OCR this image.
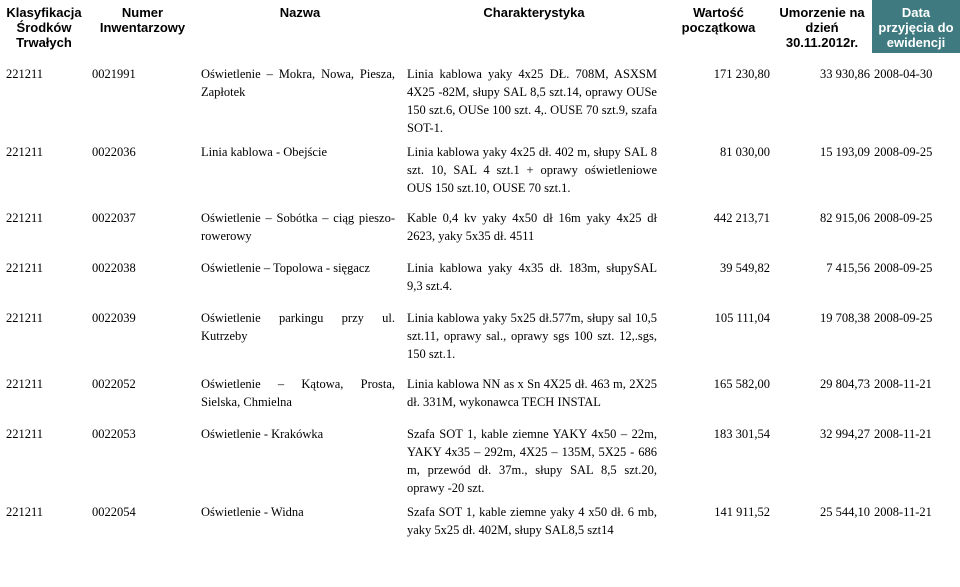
Klasyfikacja Środków Trwałych	Numer Inwentarzowy	Nazwa	Charakterystyka	Wartość początkowa	Umorzenie na dzień 30.11.2012r.	Data przyjęcia do ewidencji
221211	0021991	Oświetlenie – Mokra, Nowa, Piesza, Zapłotek	Linia kablowa yaky 4x25 DŁ. 708M, ASXSM 4X25 -82M, słupy SAL 8,5 szt.14, oprawy OUSe 150 szt.6, OUSe 100 szt. 4,. OUSE 70 szt.9, szafa SOT-1.	171 230,80	33 930,86	2008-04-30
221211	0022036	Linia kablowa - Obejście	Linia kablowa yaky 4x25 dł. 402 m, słupy SAL 8 szt. 10, SAL 4 szt.1 + oprawy oświetleniowe OUS 150 szt.10, OUSE 70 szt.1.	81 030,00	15 193,09	2008-09-25
221211	0022037	Oświetlenie – Sobótka – ciąg pieszo-rowerowy	Kable 0,4 kv yaky 4x50 dł 16m yaky 4x25 dł 2623, yaky 5x35 dł. 4511	442 213,71	82 915,06	2008-09-25
221211	0022038	Oświetlenie – Topolowa - sięgacz	Linia kablowa yaky 4x35 dł. 183m, słupySAL 9,3 szt.4.	39 549,82	7 415,56	2008-09-25
221211	0022039	Oświetlenie parkingu przy ul. Kutrzeby	Linia kablowa yaky 5x25 dł.577m, słupy sal 10,5 szt.11, oprawy sal., oprawy sgs 100 szt. 12,.sgs, 150 szt.1.	105 111,04	19 708,38	2008-09-25
221211	0022052	Oświetlenie – Kątowa, Prosta, Sielska, Chmielna	Linia kablowa NN as x Sn 4X25 dł. 463 m, 2X25 dł. 331M, wykonawca TECH INSTAL	165 582,00	29 804,73	2008-11-21
221211	0022053	Oświetlenie - Krakówka	Szafa SOT 1, kable ziemne YAKY 4x50 – 22m, YAKY 4x35 – 292m, 4X25 – 135M, 5X25 - 686 m, przewód dł. 37m., słupy SAL 8,5 szt.20, oprawy -20 szt.	183 301,54	32 994,27	2008-11-21
221211	0022054	Oświetlenie - Widna	Szafa SOT 1, kable ziemne yaky 4 x50 dł. 6 mb, yaky 5x25 dł. 402M, słupy SAL8,5 szt14	141 911,52	25 544,10	2008-11-21
